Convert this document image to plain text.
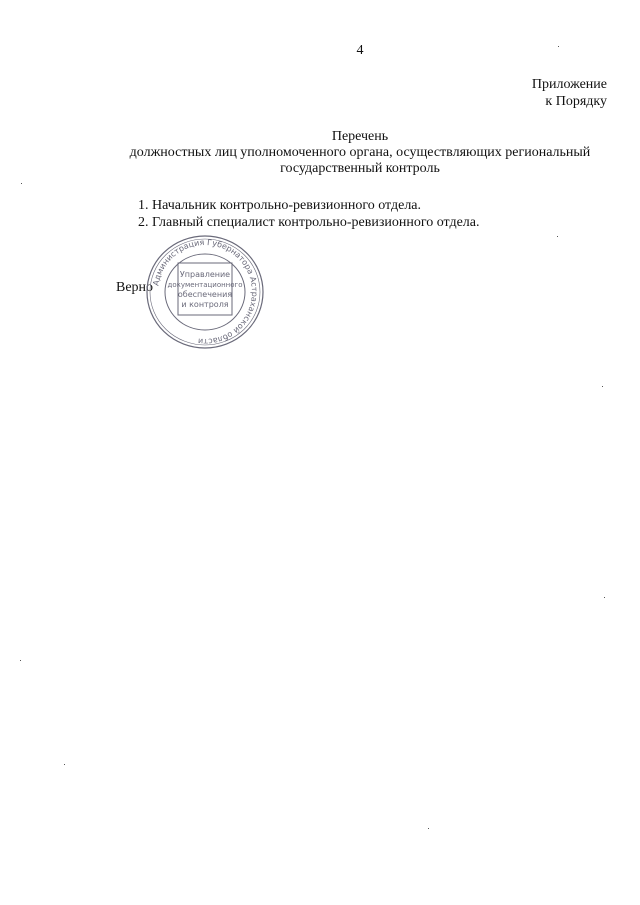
4
Приложение
к Порядку
Перечень
должностных лиц уполномоченного органа, осуществляющих региональный
государственный контроль
1. Начальник контрольно-ревизионного отдела.
2. Главный специалист контрольно-ревизионного отдела.
Верно
Администрация Губернатора Астраханской области
Управление
документационного
обеспечения
и контроля
